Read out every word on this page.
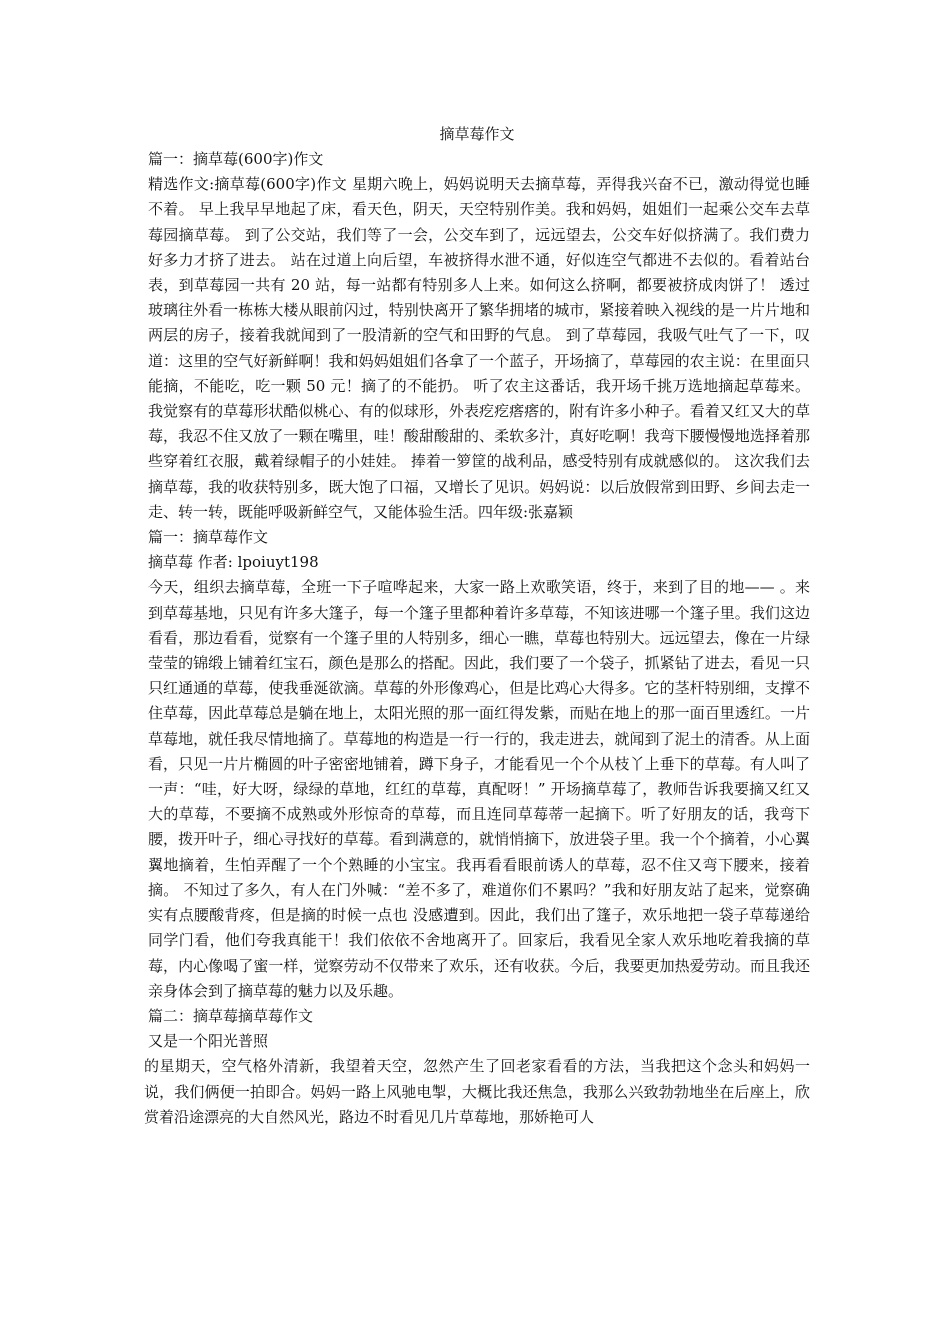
摘草莓作文

篇一：摘草莓(600字)作文

精选作文:摘草莓(600字)作文 星期六晚上，妈妈说明天去摘草莓，弄得我兴奋不已，激动得觉也睡不着。 早上我早早地起了床，看天色，阴天，天空特别作美。我和妈妈，姐姐们一起乘公交车去草莓园摘草莓。 到了公交站，我们等了一会，公交车到了，远远望去，公交车好似挤满了。我们费力好多力才挤了进去。 站在过道上向后望，车被挤得水泄不通，好似连空气都进不去似的。看着站台表，到草莓园一共有 20 站，每一站都有特别多人上来。如何这么挤啊，都要被挤成肉饼了！ 透过玻璃往外看一栋栋大楼从眼前闪过，特别快离开了繁华拥堵的城市，紧接着映入视线的是一片片地和两层的房子，接着我就闻到了一股清新的空气和田野的气息。 到了草莓园，我吸气吐气了一下，叹道：这里的空气好新鲜啊！我和妈妈姐姐们各拿了一个蓝子，开场摘了，草莓园的农主说：在里面只能摘，不能吃，吃一颗 50 元！摘了的不能扔。 听了农主这番话，我开场千挑万选地摘起草莓来。我觉察有的草莓形状酷似桃心、有的似球形，外表疙疙瘩瘩的，附有许多小种子。看着又红又大的草莓，我忍不住又放了一颗在嘴里，哇！酸甜酸甜的、柔软多汁，真好吃啊！我弯下腰慢慢地选择着那些穿着红衣服，戴着绿帽子的小娃娃。 捧着一箩筐的战利品，感受特别有成就感似的。 这次我们去摘草莓，我的收获特别多，既大饱了口福，又增长了见识。妈妈说：以后放假常到田野、乡间去走一走、转一转，既能呼吸新鲜空气，又能体验生活。四年级:张嘉颖

篇一：摘草莓作文

摘草莓 作者: lpoiuyt198

今天，组织去摘草莓，全班一下子喧哗起来，大家一路上欢歌笑语，终于，来到了目的地—— 。来到草莓基地，只见有许多大篷子，每一个篷子里都种着许多草莓，不知该进哪一个篷子里。我们这边看看，那边看看，觉察有一个篷子里的人特别多，细心一瞧，草莓也特别大。远远望去，像在一片绿莹莹的锦缎上铺着红宝石，颜色是那么的搭配。因此，我们要了一个袋子，抓紧钻了进去，看见一只只红通通的草莓，使我垂涎欲滴。草莓的外形像鸡心，但是比鸡心大得多。它的茎杆特别细，支撑不住草莓，因此草莓总是躺在地上，太阳光照的那一面红得发紫，而贴在地上的那一面百里透红。一片草莓地，就任我尽情地摘了。草莓地的构造是一行一行的，我走进去，就闻到了泥土的清香。从上面看，只见一片片椭圆的叶子密密地铺着，蹲下身子，才能看见一个个从枝丫上垂下的草莓。有人叫了一声：“哇，好大呀，绿绿的草地，红红的草莓，真配呀！” 开场摘草莓了，教师告诉我要摘又红又大的草莓，不要摘不成熟或外形惊奇的草莓，而且连同草莓蒂一起摘下。听了好朋友的话，我弯下腰，拨开叶子，细心寻找好的草莓。看到满意的，就悄悄摘下，放进袋子里。我一个个摘着，小心翼翼地摘着，生怕弄醒了一个个熟睡的小宝宝。我再看看眼前诱人的草莓，忍不住又弯下腰来，接着摘。 不知过了多久，有人在门外喊：“差不多了，难道你们不累吗？”我和好朋友站了起来，觉察确实有点腰酸背疼，但是摘的时候一点也 没感遭到。因此，我们出了篷子，欢乐地把一袋子草莓递给同学门看，他们夸我真能干！我们依依不舍地离开了。回家后，我看见全家人欢乐地吃着我摘的草莓，内心像喝了蜜一样，觉察劳动不仅带来了欢乐，还有收获。今后，我要更加热爱劳动。而且我还亲身体会到了摘草莓的魅力以及乐趣。

篇二：摘草莓摘草莓作文

又是一个阳光普照

的星期天，空气格外清新，我望着天空，忽然产生了回老家看看的方法，当我把这个念头和妈妈一说，我们俩便一拍即合。妈妈一路上风驰电掣，大概比我还焦急，我那么兴致勃勃地坐在后座上，欣赏着沿途漂亮的大自然风光，路边不时看见几片草莓地，那娇艳可人
